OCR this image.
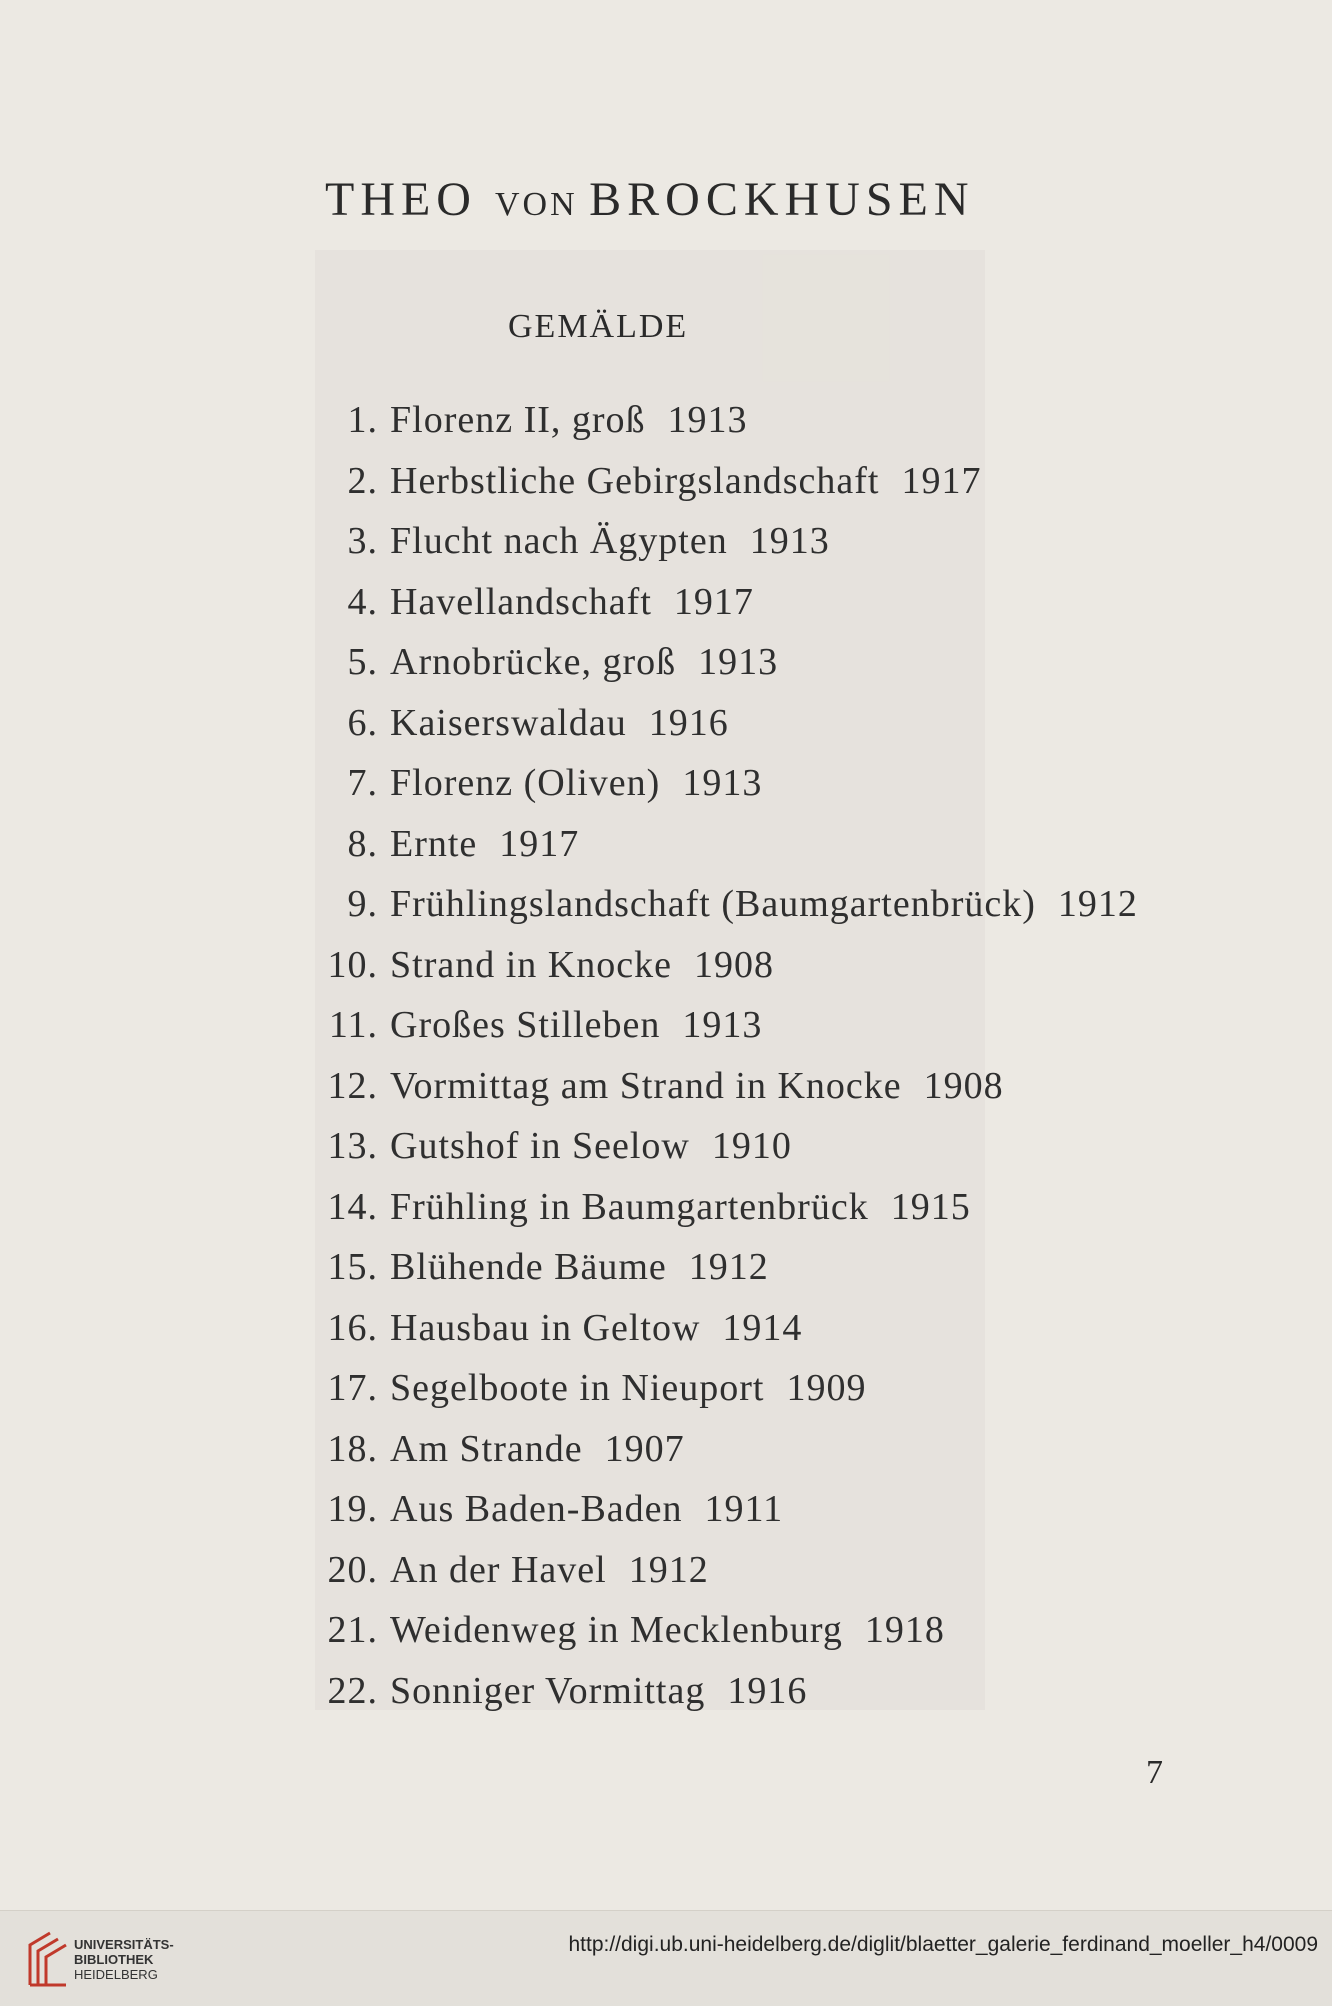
THEO VON BROCKHUSEN
GEMÄLDE
1. Florenz II, groß 1913
2. Herbstliche Gebirgslandschaft 1917
3. Flucht nach Ägypten 1913
4. Havellandschaft 1917
5. Arnobrücke, groß 1913
6. Kaiserswaldau 1916
7. Florenz (Oliven) 1913
8. Ernte 1917
9. Frühlingslandschaft (Baumgartenbrück) 1912
10. Strand in Knocke 1908
11. Großes Stilleben 1913
12. Vormittag am Strand in Knocke 1908
13. Gutshof in Seelow 1910
14. Frühling in Baumgartenbrück 1915
15. Blühende Bäume 1912
16. Hausbau in Geltow 1914
17. Segelboote in Nieuport 1909
18. Am Strande 1907
19. Aus Baden-Baden 1911
20. An der Havel 1912
21. Weidenweg in Mecklenburg 1918
22. Sonniger Vormittag 1916
7
UNIVERSITÄTS-
BIBLIOTHEK
HEIDELBERG
http://digi.ub.uni-heidelberg.de/diglit/blaetter_galerie_ferdinand_moeller_h4/0009
